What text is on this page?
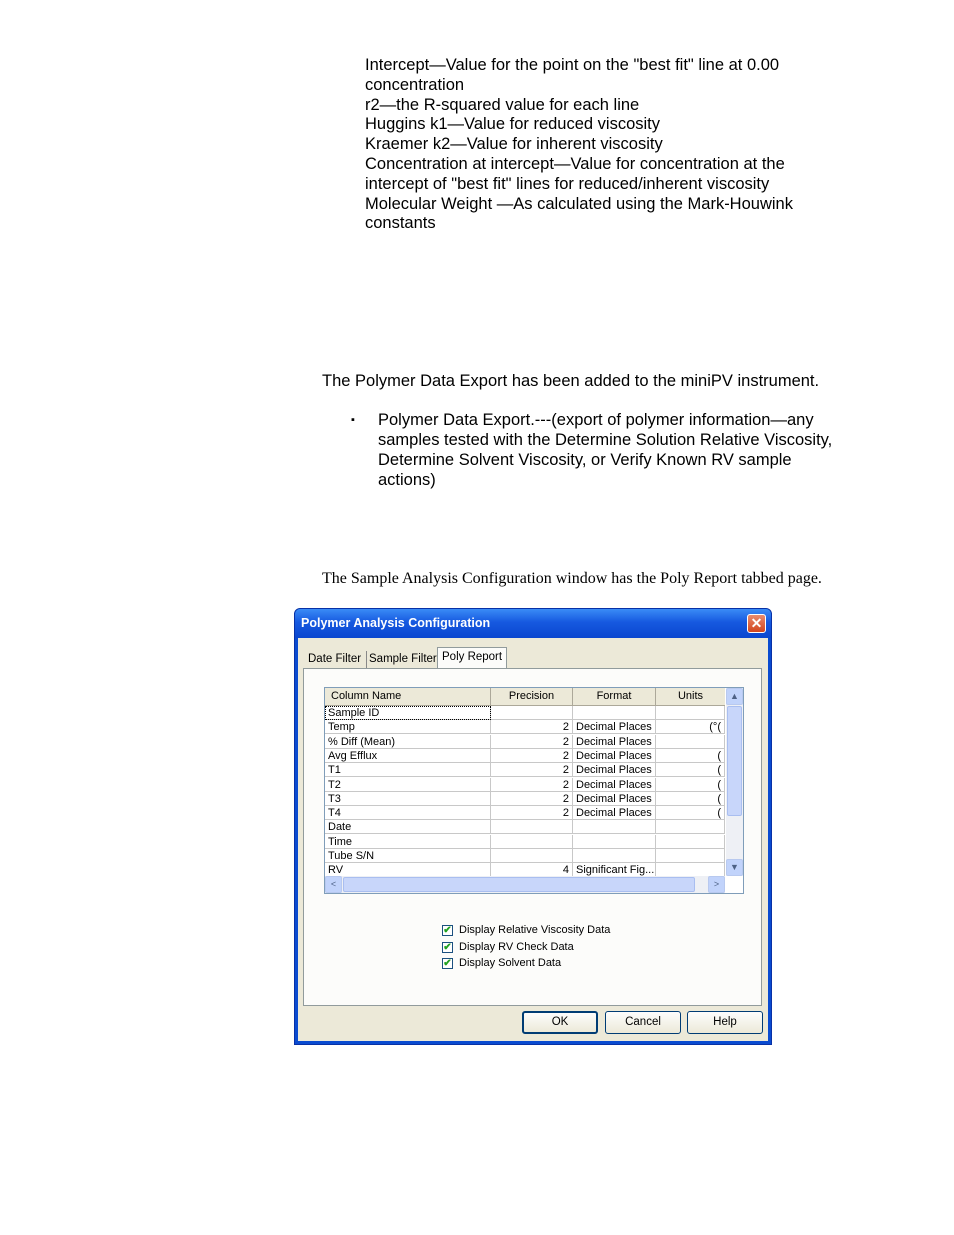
Intercept—Value for the point on the "best fit" line at 0.00 concentration
r2—the R-squared value for each line
Huggins k1—Value for reduced viscosity
Kraemer k2—Value for inherent viscosity
Concentration at intercept—Value for concentration at the intercept of "best fit" lines for reduced/inherent viscosity
Molecular Weight —As calculated using the Mark-Houwink constants
The Polymer Data Export has been added to the miniPV instrument.
▪ Polymer Data Export.---(export of polymer information—any samples tested with the Determine Solution Relative Viscosity, Determine Solvent Viscosity, or Verify Known RV sample actions)
The Sample Analysis Configuration window has the Poly Report tabbed page.
Polymer Analysis Configuration	✕
Date Filter Sample Filter Poly Report
Column Name	Precision	Format	Units
Sample ID
Temp	2 Decimal Places	(°(
% Diff (Mean)	2 Decimal Places
Avg Efflux	2 Decimal Places	(
T1	2 Decimal Places	(
T2	2 Decimal Places	(
T3	2 Decimal Places	(
T4	2 Decimal Places	(
Date
Time
Tube S/N
RV	4 Significant Fig...
▲
▼
<	>
✔ Display Relative Viscosity Data
✔ Display RV Check Data
✔ Display Solvent Data
OK	Cancel	Help
